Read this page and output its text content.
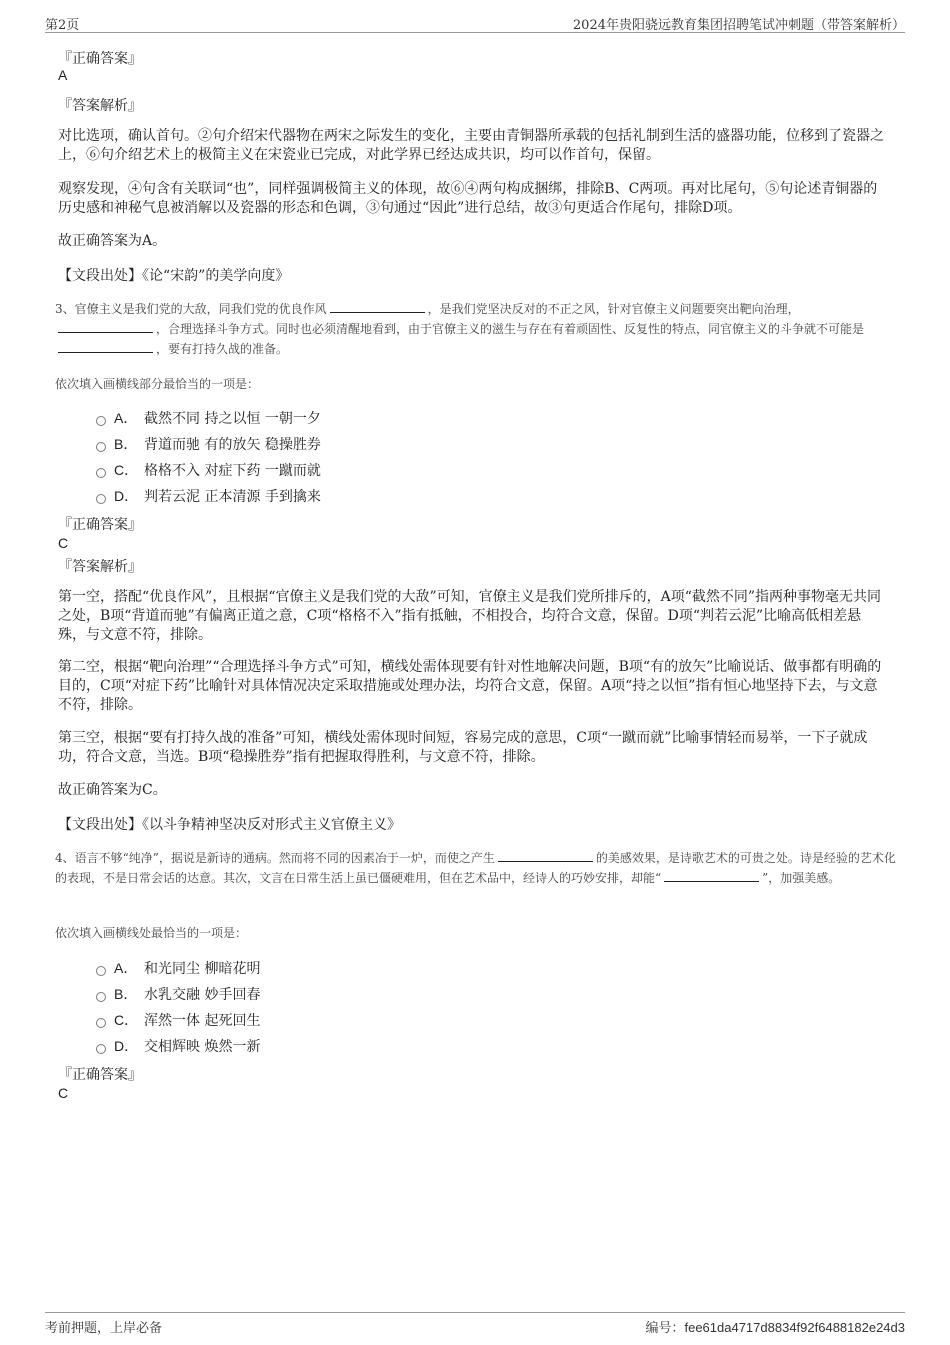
第2页	2024年贵阳骁远教育集团招聘笔试冲刺题（带答案解析）
『正确答案』
A
『答案解析』

对比选项，确认首句。②句介绍宋代器物在两宋之际发生的变化，主要由青铜器所承载的包括礼制到生活的盛器功能，位移到了瓷器之上，⑥句介绍艺术上的极简主义在宋瓷业已完成，对此学界已经达成共识，均可以作首句，保留。

观察发现，④句含有关联词“也”，同样强调极简主义的体现，故⑥④两句构成捆绑，排除B、C两项。再对比尾句，⑤句论述青铜器的历史感和神秘气息被消解以及瓷器的形态和色调，③句通过“因此”进行总结，故③句更适合作尾句，排除D项。

故正确答案为A。

【文段出处】《论“宋韵”的美学向度》

3、官僚主义是我们党的大敌，同我们党的优良作风	，是我们党坚决反对的不正之风，针对官僚主义问题要突出靶向治理，，合理选择斗争方式。同时也必须清醒地看到，由于官僚主义的滋生与存在有着顽固性、反复性的特点，同官僚主义的斗争就不可能是，要有打持久战的准备。

依次填入画横线部分最恰当的一项是：
A． 截然不同 持之以恒 一朝一夕
B． 背道而驰 有的放矢 稳操胜券
C． 格格不入 对症下药 一蹴而就
D． 判若云泥 正本清源 手到擒来
『正确答案』
C
『答案解析』

第一空，搭配“优良作风”，且根据“官僚主义是我们党的大敌”可知，官僚主义是我们党所排斥的，A项“截然不同”指两种事物毫无共同之处，B项“背道而驰”有偏离正道之意，C项“格格不入”指有抵触，不相投合，均符合文意，保留。D项“判若云泥”比喻高低相差悬殊，与文意不符，排除。

第二空，根据“靶向治理”“合理选择斗争方式”可知，横线处需体现要有针对性地解决问题，B项“有的放矢”比喻说话、做事都有明确的目的，C项“对症下药”比喻针对具体情况决定采取措施或处理办法，均符合文意，保留。A项“持之以恒”指有恒心地坚持下去，与文意不符，排除。

第三空，根据“要有打持久战的准备”可知，横线处需体现时间短，容易完成的意思，C项“一蹴而就”比喻事情轻而易举，一下子就成功，符合文意，当选。B项“稳操胜券”指有把握取得胜利，与文意不符，排除。

故正确答案为C。

【文段出处】《以斗争精神坚决反对形式主义官僚主义》

4、语言不够“纯净”，据说是新诗的通病。然而将不同的因素冶于一炉，而使之产生	的美感效果，是诗歌艺术的可贵之处。诗是经验的艺术化的表现，不是日常会话的达意。其次，文言在日常生活上虽已僵硬难用，但在艺术品中，经诗人的巧妙安排，却能“	”，加强美感。

依次填入画横线处最恰当的一项是：
A． 和光同尘 柳暗花明
B． 水乳交融 妙手回春
C． 浑然一体 起死回生
D． 交相辉映 焕然一新
『正确答案』
C
考前押题，上岸必备	编号：fee61da4717d8834f92f6488182e24d3
